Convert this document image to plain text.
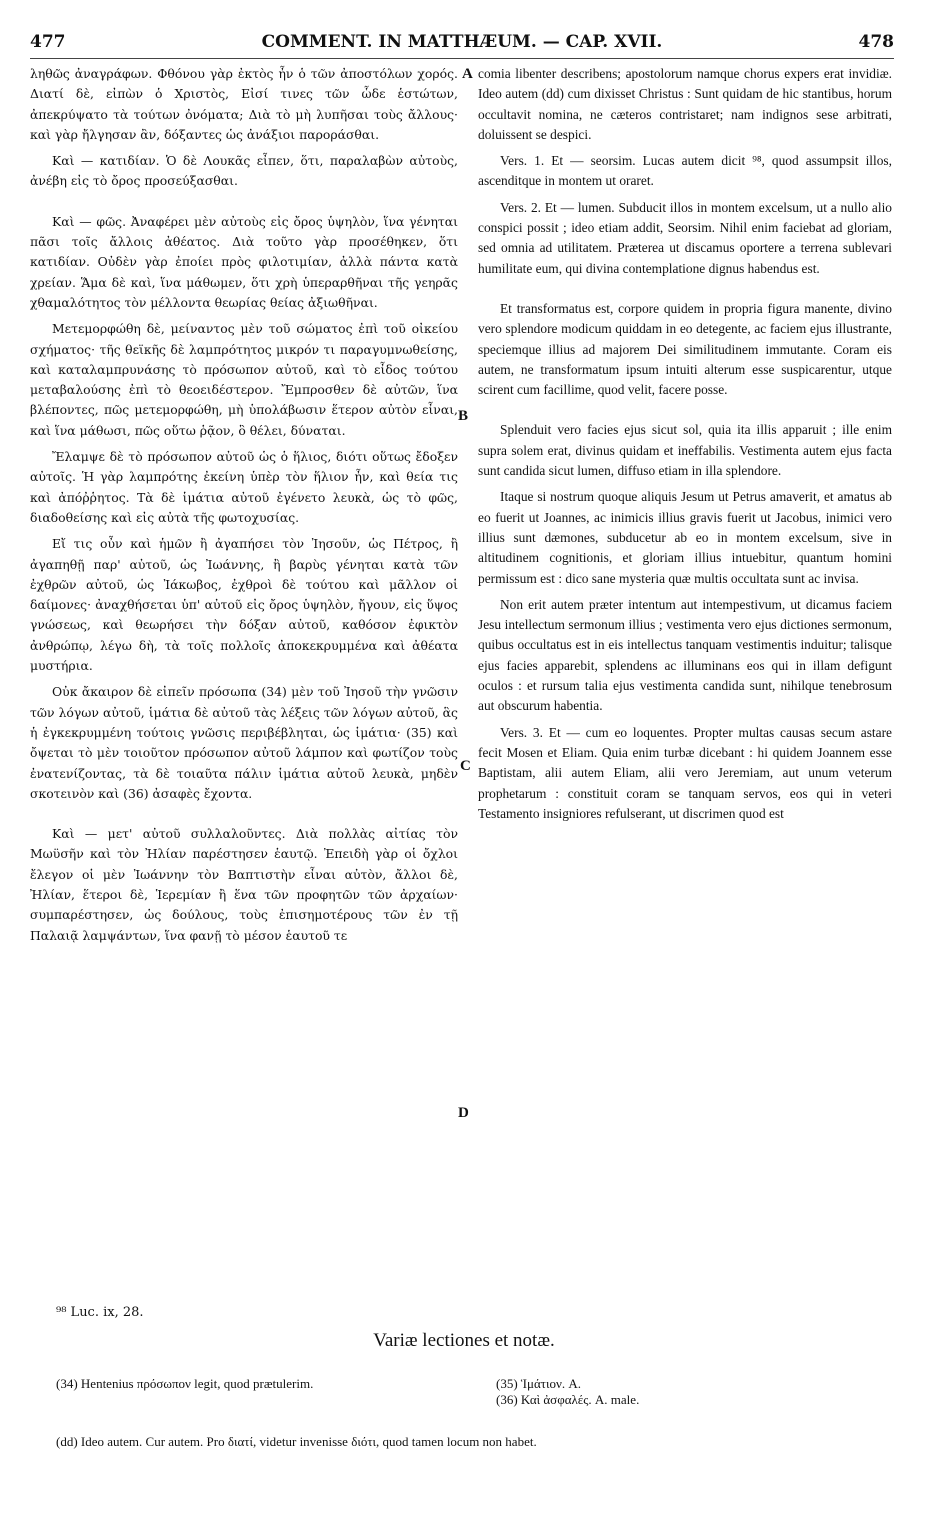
477	COMMENT. IN MATTHÆUM. — CAP. XVII.	478

ληθῶς ἀναγράφων. Φθόνου γὰρ ἐκτὸς ἦν ὁ τῶν ἀποστόλων χορός. Διατί δὲ, εἰπὼν ὁ Χριστὸς, Εἰσί τινες τῶν ὧδε ἑστώτων, ἀπεκρύψατο τὰ τούτων ὀνόματα; Διὰ τὸ μὴ λυπῆσαι τοὺς ἄλλους· καὶ γὰρ ἤλγησαν ἂν, δόξαντες ὡς ἀνάξιοι παροράσθαι.

Καὶ — κατιδίαν. Ὁ δὲ Λουκᾶς εἶπεν, ὅτι, παραλαβὼν αὐτοὺς, ἀνέβη εἰς τὸ ὄρος προσεύξασθαι.

Καὶ — φῶς. Ἀναφέρει μὲν αὐτοὺς εἰς ὄρος ὑψηλὸν, ἵνα γένηται πᾶσι τοῖς ἄλλοις ἀθέατος. Διὰ τοῦτο γὰρ προσέθηκεν, ὅτι κατιδίαν. Οὐδὲν γὰρ ἐποίει πρὸς φιλοτιμίαν, ἀλλὰ πάντα κατὰ χρείαν. Ἅμα δὲ καὶ, ἵνα μάθωμεν, ὅτι χρὴ ὑπεραρθῆναι τῆς γεηρᾶς χθαμαλότητος τὸν μέλλοντα θεωρίας θείας ἀξιωθῆναι.

Μετεμορφώθη δὲ, μείναντος μὲν τοῦ σώματος ἐπὶ τοῦ οἰκείου σχήματος· τῆς θεϊκῆς δὲ λαμπρότητος μικρόν τι παραγυμνωθείσης, καὶ καταλαμπρυνάσης τὸ πρόσωπον αὐτοῦ, καὶ τὸ εἶδος τούτου μεταβαλούσης ἐπὶ τὸ θεοειδέστερον. Ἔμπροσθεν δὲ αὐτῶν, ἵνα βλέποντες, πῶς μετεμορφώθη, μὴ ὑπολάβωσιν ἕτερον αὐτὸν εἶναι, καὶ ἵνα μάθωσι, πῶς οὕτω ῥᾷον, ὃ θέλει, δύναται.

Ἔλαμψε δὲ τὸ πρόσωπον αὐτοῦ ὡς ὁ ἥλιος, διότι οὕτως ἔδοξεν αὐτοῖς. Ἡ γὰρ λαμπρότης ἐκείνη ὑπὲρ τὸν ἥλιον ἦν, καὶ θεία τις καὶ ἀπόῤῥητος. Τὰ δὲ ἱμάτια αὐτοῦ ἐγένετο λευκὰ, ὡς τὸ φῶς, διαδοθείσης καὶ εἰς αὐτὰ τῆς φωτοχυσίας.

Εἴ τις οὖν καὶ ἡμῶν ἢ ἀγαπήσει τὸν Ἰησοῦν, ὡς Πέτρος, ἢ ἀγαπηθῇ παρ' αὐτοῦ, ὡς Ἰωάννης, ἢ βαρὺς γένηται κατὰ τῶν ἐχθρῶν αὐτοῦ, ὡς Ἰάκωβος, ἐχθροὶ δὲ τούτου καὶ μᾶλλον οἱ δαίμονες· ἀναχθήσεται ὑπ' αὐτοῦ εἰς ὄρος ὑψηλὸν, ἤγουν, εἰς ὕψος γνώσεως, καὶ θεωρήσει τὴν δόξαν αὐτοῦ, καθόσον ἐφικτὸν ἀνθρώπῳ, λέγω δὴ, τὰ τοῖς πολλοῖς ἀποκεκρυμμένα καὶ ἀθέατα μυστήρια.

Οὐκ ἄκαιρον δὲ εἰπεῖν πρόσωπα (34) μὲν τοῦ Ἰησοῦ τὴν γνῶσιν τῶν λόγων αὐτοῦ, ἱμάτια δὲ αὐτοῦ τὰς λέξεις τῶν λόγων αὐτοῦ, ἃς ἡ ἐγκεκρυμμένη τούτοις γνῶσις περιβέβληται, ὡς ἱμάτια· (35) καὶ ὄψεται τὸ μὲν τοιοῦτον πρόσωπον αὐτοῦ λάμπον καὶ φωτίζον τοὺς ἐνατενίζοντας, τὰ δὲ τοιαῦτα πάλιν ἱμάτια αὐτοῦ λευκὰ, μηδὲν σκοτεινὸν καὶ (36) ἀσαφὲς ἔχοντα.

Καὶ — μετ' αὐτοῦ συλλαλοῦντες. Διὰ πολλὰς αἰτίας τὸν Μωϋσῆν καὶ τὸν Ἠλίαν παρέστησεν ἑαυτῷ. Ἐπειδὴ γὰρ οἱ ὄχλοι ἔλεγον οἱ μὲν Ἰωάννην τὸν Βαπτιστὴν εἶναι αὐτὸν, ἄλλοι δὲ, Ἠλίαν, ἕτεροι δὲ, Ἱερεμίαν ἢ ἕνα τῶν προφητῶν τῶν ἀρχαίων· συμπαρέστησεν, ὡς δούλους, τοὺς ἐπισημοτέρους τῶν ἐν τῇ Παλαιᾷ λαμψάντων, ἵνα φανῇ τὸ μέσον ἑαυτοῦ τε

comia libenter describens; apostolorum namque chorus expers erat invidiæ. Ideo autem (dd) cum dixisset Christus : Sunt quidam de hic stantibus, horum occultavit nomina, ne cæteros contristaret; nam indignos sese arbitrati, doluissent se despici.

Vers. 1. Et — seorsim. Lucas autem dicit ⁹⁸, quod assumpsit illos, ascenditque in montem ut oraret.

Vers. 2. Et — lumen. Subducit illos in montem excelsum, ut a nullo alio conspici possit ; ideo etiam addit, Seorsim. Nihil enim faciebat ad gloriam, sed omnia ad utilitatem. Præterea ut discamus oportere a terrena sublevari humilitate eum, qui divina contemplatione dignus habendus est.

Et transformatus est, corpore quidem in propria figura manente, divino vero splendore modicum quiddam in eo detegente, ac faciem ejus illustrante, speciemque illius ad majorem Dei similitudinem immutante. Coram eis autem, ne transformatum ipsum intuiti alterum esse suspicarentur, utque scirent cum facillime, quod velit, facere posse.

Splenduit vero facies ejus sicut sol, quia ita illis apparuit ; ille enim supra solem erat, divinus quidam et ineffabilis. Vestimenta autem ejus facta sunt candida sicut lumen, diffuso etiam in illa splendore.

Itaque si nostrum quoque aliquis Jesum ut Petrus amaverit, et amatus ab eo fuerit ut Joannes, ac inimicis illius gravis fuerit ut Jacobus, inimici vero illius sunt dæmones, subducetur ab eo in montem excelsum, sive in altitudinem cognitionis, et gloriam illius intuebitur, quantum homini permissum est : dico sane mysteria quæ multis occultata sunt ac invisa.

Non erit autem præter intentum aut intempestivum, ut dicamus faciem Jesu intellectum sermonum illius ; vestimenta vero ejus dictiones sermonum, quibus occultatus est in eis intellectus tanquam vestimentis induitur; talisque ejus facies apparebit, splendens ac illuminans eos qui in illam defigunt oculos : et rursum talia ejus vestimenta candida sunt, nihilque tenebrosum aut obscurum habentia.

Vers. 3. Et — cum eo loquentes. Propter multas causas secum astare fecit Mosen et Eliam. Quia enim turbæ dicebant : hi quidem Joannem esse Baptistam, alii autem Eliam, alii vero Jeremiam, aut unum veterum prophetarum : constituit coram se tanquam servos, eos qui in veteri Testamento insigniores refulserant, ut discrimen quod est

A
B
C
D
⁹⁸ Luc. ix, 28.
Variæ lectiones et notæ.
(34) Hentenius πρόσωπον legit, quod prætulerim.	(35) Ἱμάτιον. A.
(36) Καὶ ἀσφαλές. A. male.
(dd) Ideo autem. Cur autem. Pro διατί, videtur invenisse διότι, quod tamen locum non habet.
